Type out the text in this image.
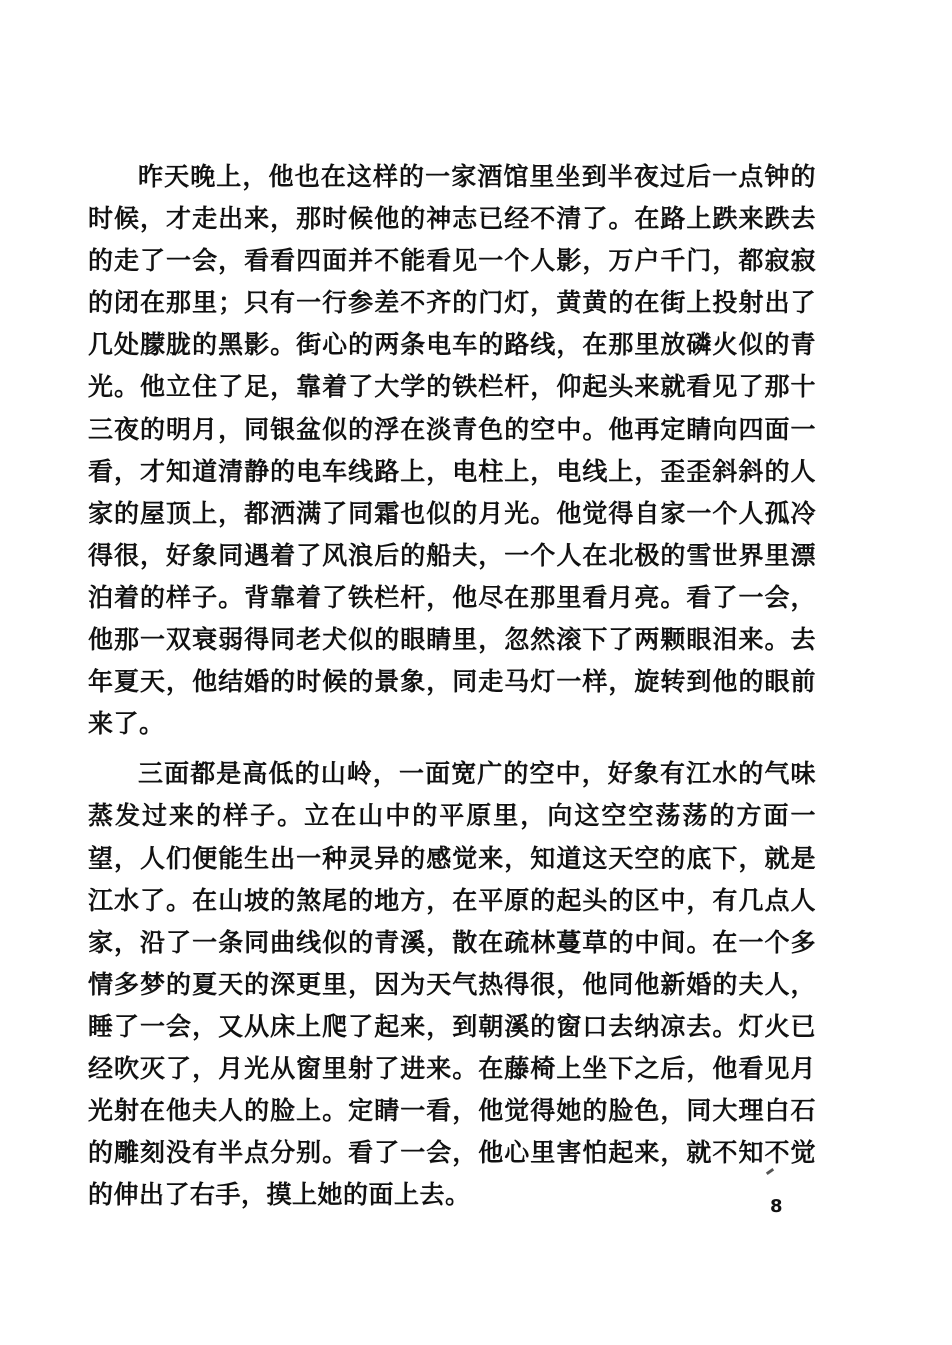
昨天晚上，他也在这样的一家酒馆里坐到半夜过后一点钟的时候，才走出来，那时候他的神志已经不清了。在路上跌来跌去的走了一会，看看四面并不能看见一个人影，万户千门，都寂寂的闭在那里；只有一行参差不齐的门灯，黄黄的在街上投射出了几处朦胧的黑影。街心的两条电车的路线，在那里放磷火似的青光。他立住了足，靠着了大学的铁栏杆，仰起头来就看见了那十三夜的明月，同银盆似的浮在淡青色的空中。他再定睛向四面一看，才知道清静的电车线路上，电柱上，电线上，歪歪斜斜的人家的屋顶上，都洒满了同霜也似的月光。他觉得自家一个人孤冷得很，好象同遇着了风浪后的船夫，一个人在北极的雪世界里漂泊着的样子。背靠着了铁栏杆，他尽在那里看月亮。看了一会，他那一双衰弱得同老犬似的眼睛里，忽然滚下了两颗眼泪来。去年夏天，他结婚的时候的景象，同走马灯一样，旋转到他的眼前来了。

三面都是高低的山岭，一面宽广的空中，好象有江水的气味蒸发过来的样子。立在山中的平原里，向这空空荡荡的方面一望，人们便能生出一种灵异的感觉来，知道这天空的底下，就是江水了。在山坡的煞尾的地方，在平原的起头的区中，有几点人家，沿了一条同曲线似的青溪，散在疏林蔓草的中间。在一个多情多梦的夏天的深更里，因为天气热得很，他同他新婚的夫人，睡了一会，又从床上爬了起来，到朝溪的窗口去纳凉去。灯火已经吹灭了，月光从窗里射了进来。在藤椅上坐下之后，他看见月光射在他夫人的脸上。定睛一看，他觉得她的脸色，同大理白石的雕刻没有半点分别。看了一会，他心里害怕起来，就不知不觉的伸出了右手，摸上她的面上去。	8
